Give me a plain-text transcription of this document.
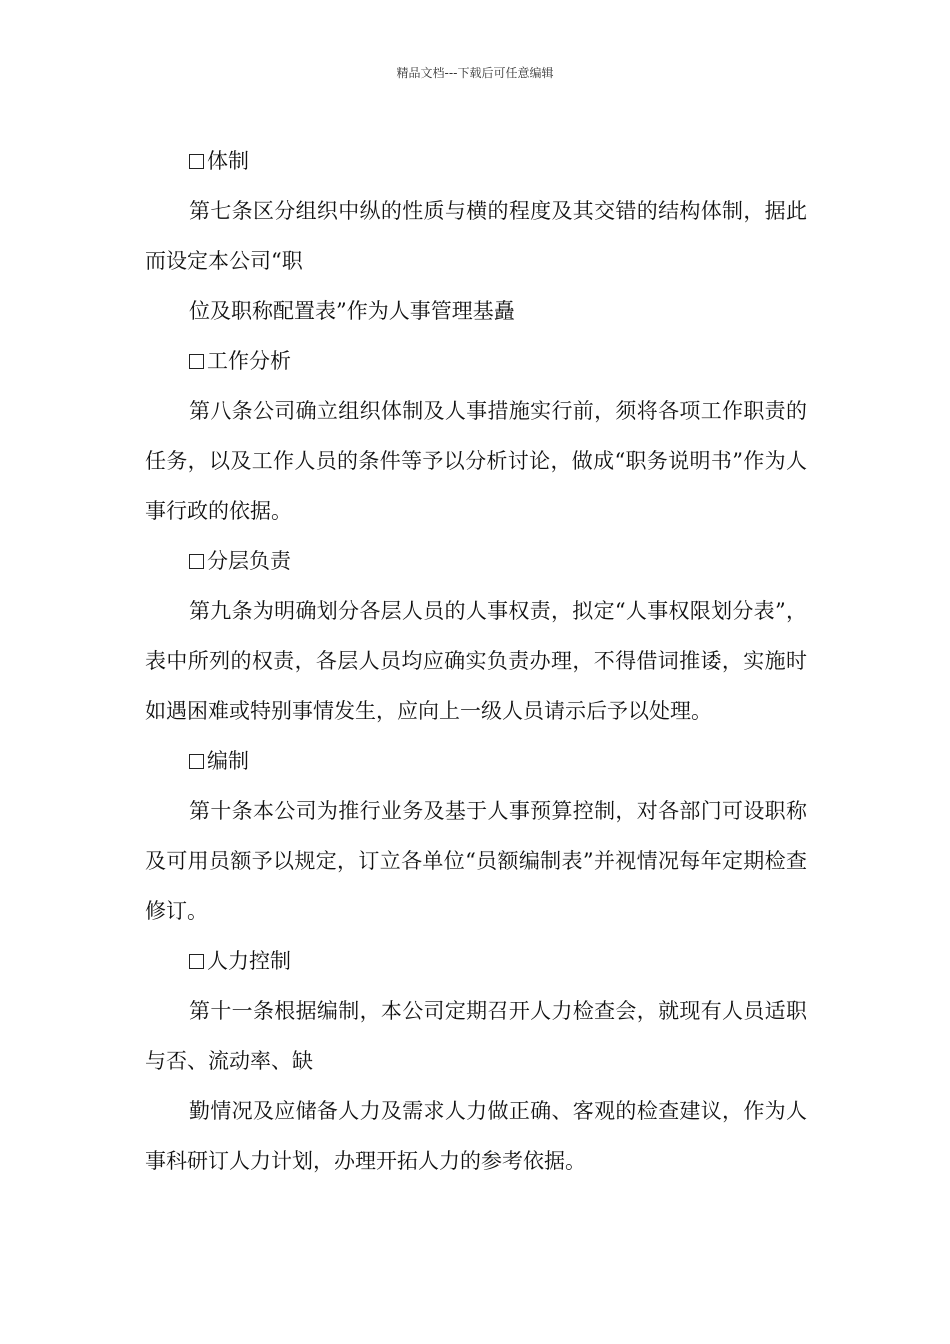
精品文档---下载后可任意编辑

体制

第七条区分组织中纵的性质与横的程度及其交错的结构体制，据此而设定本公司“职

位及职称配置表”作为人事管理基矗

工作分析

第八条公司确立组织体制及人事措施实行前，须将各项工作职责的任务，以及工作人员的条件等予以分析讨论，做成“职务说明书”作为人事行政的依据。

分层负责

第九条为明确划分各层人员的人事权责，拟定“人事权限划分表”，表中所列的权责，各层人员均应确实负责办理，不得借词推诿，实施时如遇困难或特别事情发生，应向上一级人员请示后予以处理。

编制

第十条本公司为推行业务及基于人事预算控制，对各部门可设职称及可用员额予以规定，订立各单位“员额编制表”并视情况每年定期检查修订。

人力控制

第十一条根据编制，本公司定期召开人力检查会，就现有人员适职与否、流动率、缺

勤情况及应储备人力及需求人力做正确、客观的检查建议，作为人事科研订人力计划，办理开拓人力的参考依据。
